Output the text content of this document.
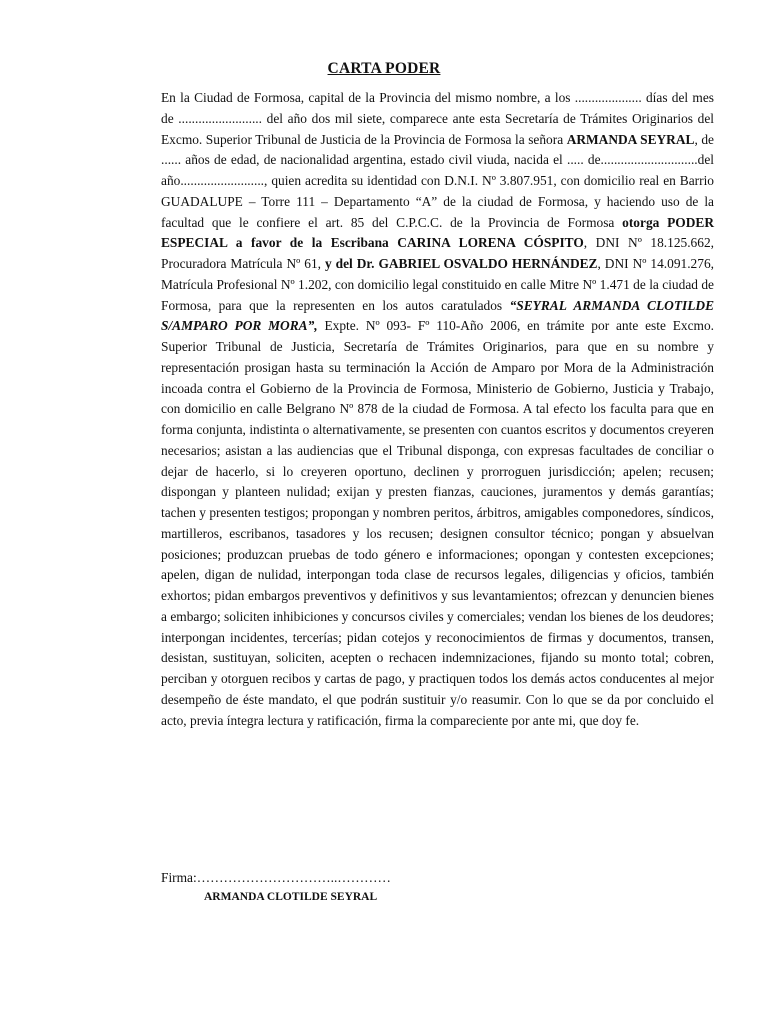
CARTA PODER

En la Ciudad de Formosa, capital de la Provincia del mismo nombre, a los .................... días del mes de ......................... del año dos mil siete, comparece ante esta Secretaría de Trámites Originarios del Excmo. Superior Tribunal de Justicia de la Provincia de Formosa la señora ARMANDA SEYRAL, de ...... años de edad, de nacionalidad argentina, estado civil viuda, nacida el ..... de.............................del año........................., quien acredita su identidad con D.N.I. Nº 3.807.951, con domicilio real en Barrio GUADALUPE – Torre 111 – Departamento “A” de la ciudad de Formosa, y haciendo uso de la facultad que le confiere el art. 85 del C.P.C.C. de la Provincia de Formosa otorga PODER ESPECIAL a favor de la Escribana CARINA LORENA CÓSPITO, DNI Nº 18.125.662, Procuradora Matrícula Nº 61, y del Dr. GABRIEL OSVALDO HERNÁNDEZ, DNI Nº 14.091.276, Matrícula Profesional Nº 1.202, con domicilio legal constituido en calle Mitre Nº 1.471 de la ciudad de Formosa, para que la representen en los autos caratulados “SEYRAL ARMANDA CLOTILDE S/AMPARO POR MORA”, Expte. Nº 093- Fº 110-Año 2006, en trámite por ante este Excmo. Superior Tribunal de Justicia, Secretaría de Trámites Originarios, para que en su nombre y representación prosigan hasta su terminación la Acción de Amparo por Mora de la Administración incoada contra el Gobierno de la Provincia de Formosa, Ministerio de Gobierno, Justicia y Trabajo, con domicilio en calle Belgrano Nº 878 de la ciudad de Formosa. A tal efecto los faculta para que en forma conjunta, indistinta o alternativamente, se presenten con cuantos escritos y documentos creyeren necesarios; asistan a las audiencias que el Tribunal disponga, con expresas facultades de conciliar o dejar de hacerlo, si lo creyeren oportuno, declinen y prorroguen jurisdicción; apelen; recusen; dispongan y planteen nulidad; exijan y presten fianzas, cauciones, juramentos y demás garantías; tachen y presenten testigos; propongan y nombren peritos, árbitros, amigables componedores, síndicos, martilleros, escribanos, tasadores y los recusen; designen consultor técnico; pongan y absuelvan posiciones; produzcan pruebas de todo género e informaciones; opongan y contesten excepciones; apelen, digan de nulidad, interpongan toda clase de recursos legales, diligencias y oficios, también exhortos; pidan embargos preventivos y definitivos y sus levantamientos; ofrezcan y denuncien bienes a embargo; soliciten inhibiciones y concursos civiles y comerciales; vendan los bienes de los deudores; interpongan incidentes, tercerías; pidan cotejos y reconocimientos de firmas y documentos, transen, desistan, sustituyan, soliciten, acepten o rechacen indemnizaciones, fijando su monto total; cobren, perciban y otorguen recibos y cartas de pago, y practiquen todos los demás actos conducentes al mejor desempeño de éste mandato, el que podrán sustituir y/o reasumir. Con lo que se da por concluido el acto, previa íntegra lectura y ratificación, firma la compareciente por ante mi, que doy fe.

Firma:…………………………..…………
ARMANDA CLOTILDE SEYRAL
